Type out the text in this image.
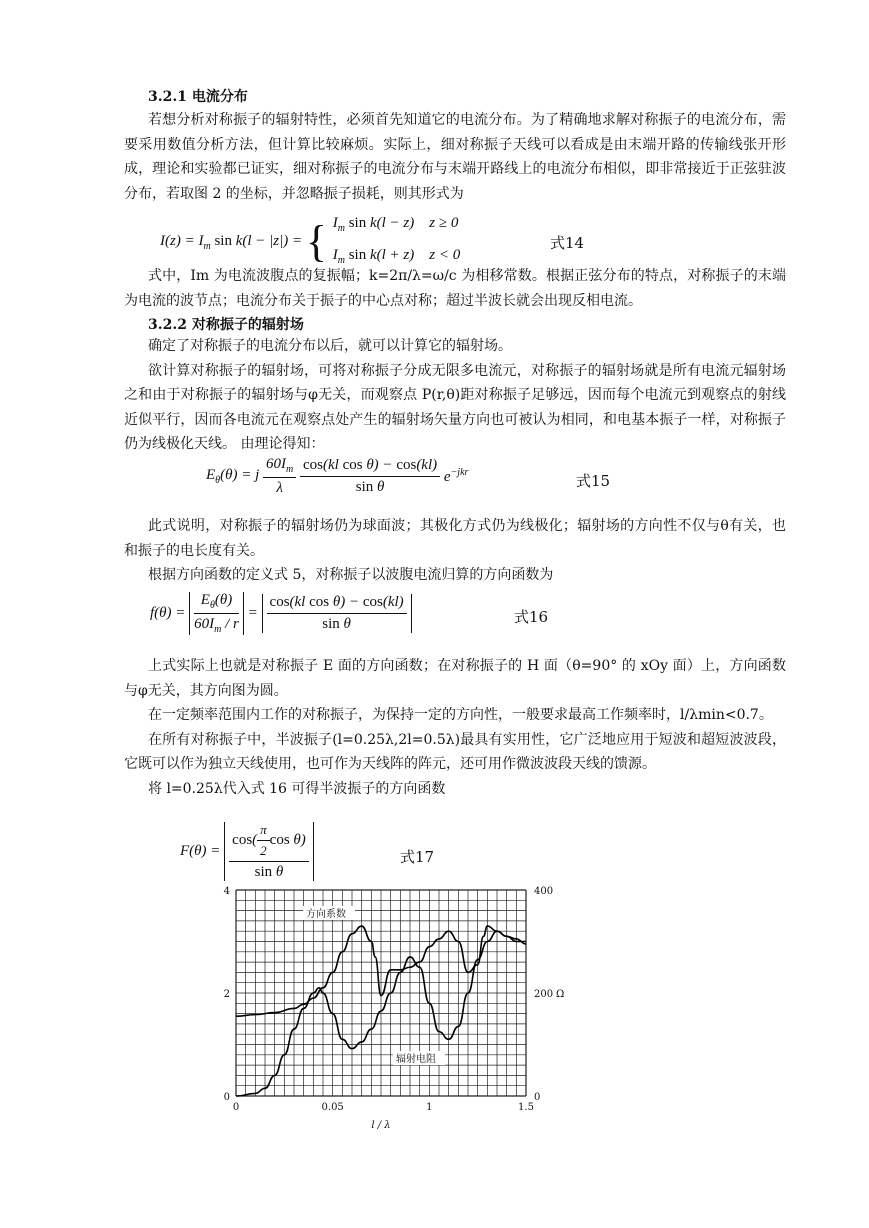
3.2.1 电流分布

若想分析对称振子的辐射特性，必须首先知道它的电流分布。为了精确地求解对称振子的电流分布，需要采用数值分析方法，但计算比较麻烦。实际上，细对称振子天线可以看成是由末端开路的传输线张开形成，理论和实验都已证实，细对称振子的电流分布与末端开路线上的电流分布相似，即非常接近于正弦驻波分布，若取图 2 的坐标，并忽略振子损耗，则其形式为

$I(z) = I_m$ sin k(l − |z|) = { $I_m$ sin k(l − z)    z ≥ 0
$I_m$ sin k(l + z)    z < 0
式14

式中，Im 为电流波腹点的复振幅；k=2π/λ=ω/c 为相移常数。根据正弦分布的特点，对称振子的末端为电流的波节点；电流分布关于振子的中心点对称；超过半波长就会出现反相电流。

3.2.2 对称振子的辐射场

确定了对称振子的电流分布以后，就可以计算它的辐射场。

欲计算对称振子的辐射场，可将对称振子分成无限多电流元，对称振子的辐射场就是所有电流元辐射场之和由于对称振子的辐射场与φ无关，而观察点 P(r,θ)距对称振子足够远，因而每个电流元到观察点的射线近似平行，因而各电流元在观察点处产生的辐射场矢量方向也可被认为相同，和电基本振子一样，对称振子仍为线极化天线。 由理论得知：

$E_\theta(\theta) = j \frac{60I_m}{\lambda}$
$\frac{\text{cos(kl cos θ) − cos(kl)}}{\text{sin θ}} e^{-jkr}$	式15

此式说明，对称振子的辐射场仍为球面波；其极化方式仍为线极化；辐射场的方向性不仅与θ有关，也和振子的电长度有关。

根据方向函数的定义式 5，对称振子以波腹电流归算的方向函数为

$f(\theta) = \frac{E_\theta(\theta)}{60I_m / r} = \frac{\text{cos(kl cos θ) − cos(kl)}}{\text{sin θ}}$	式16

上式实际上也就是对称振子 E 面的方向函数；在对称振子的 H 面（θ=90° 的 xOy 面）上，方向函数与φ无关，其方向图为圆。

在一定频率范围内工作的对称振子，为保持一定的方向性，一般要求最高工作频率时，l/λmin<0.7。

在所有对称振子中，半波振子(l=0.25λ,2l=0.5λ)最具有实用性，它广泛地应用于短波和超短波波段，它既可以作为独立天线使用，也可作为天线阵的阵元，还可用作微波波段天线的馈源。

将 l=0.25λ代入式 16 可得半波振子的方向函数

$F(\theta) = \frac{\cos( \frac{\pi}{2} \cos \theta)}{\text{sin θ}}$	式17
0	0.05	1	1.5
0
2
4
0
200
400
l / λ
Ω
方向系数
辐射电阻
